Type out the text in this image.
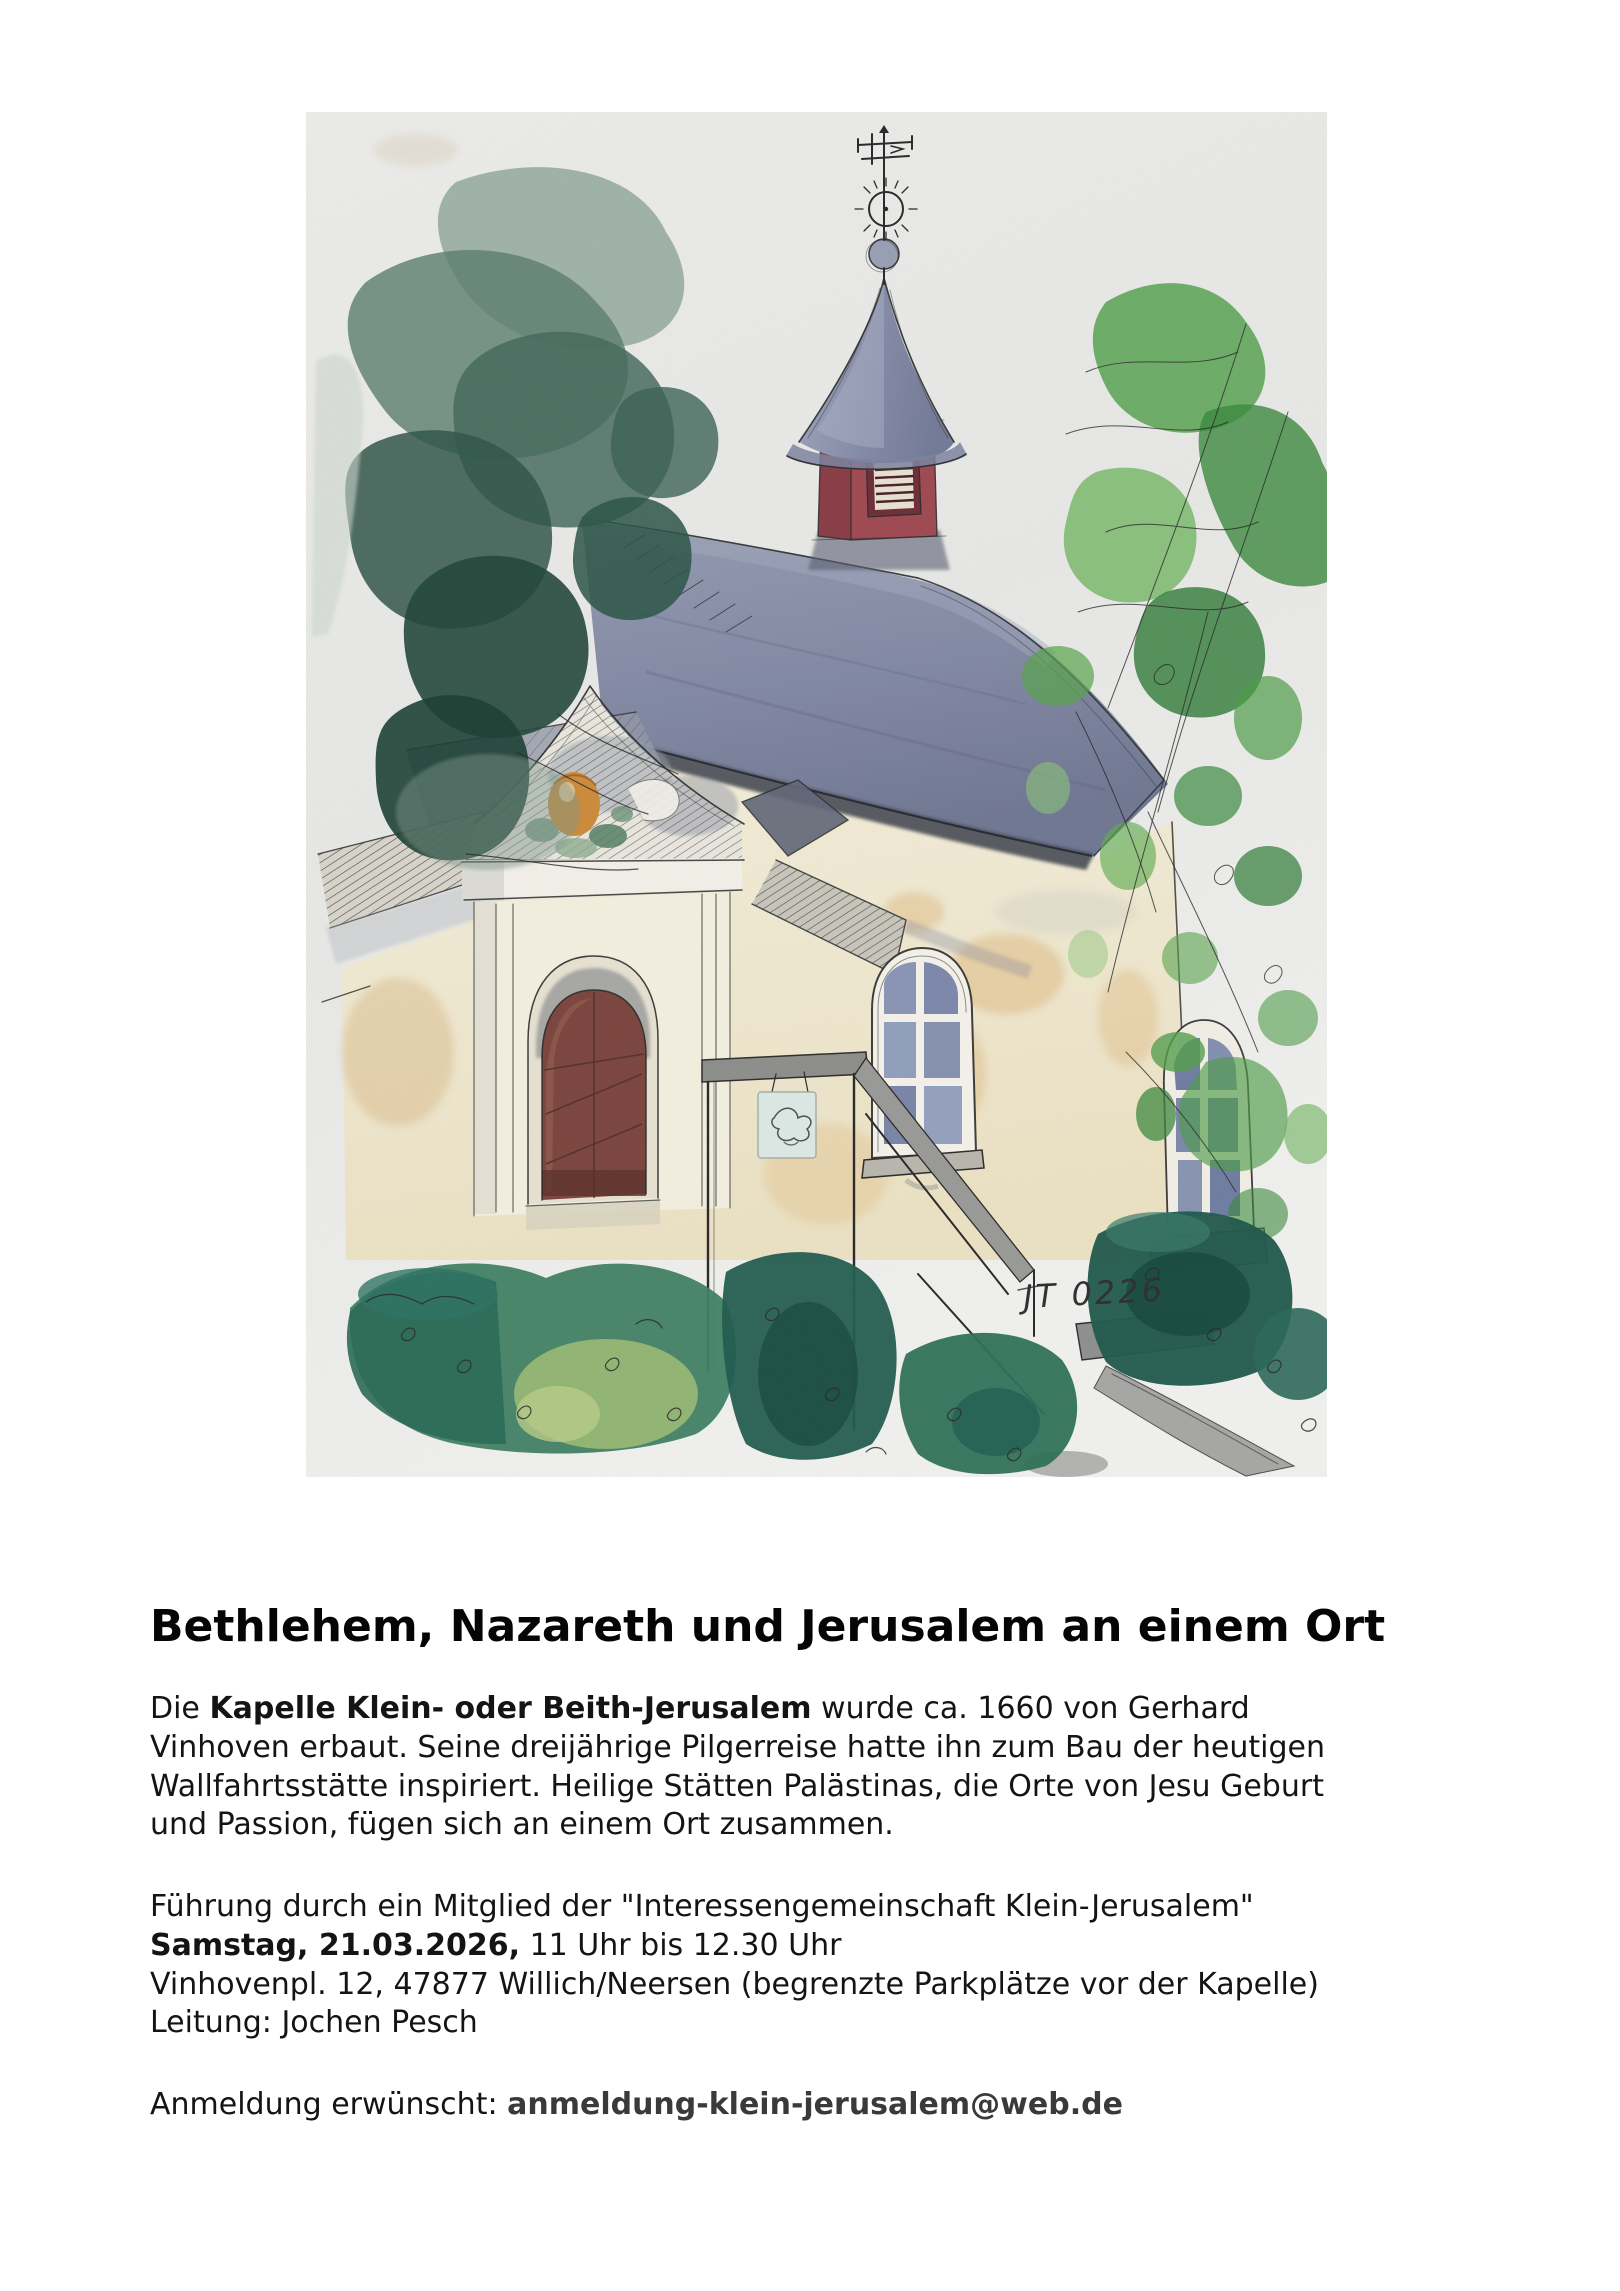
Bethlehem, Nazareth und Jerusalem an einem Ort

Die Kapelle Klein- oder Beith-Jerusalem wurde ca. 1660 von Gerhard
Vinhoven erbaut. Seine dreijährige Pilgerreise hatte ihn zum Bau der heutigen
Wallfahrtsstätte inspiriert. Heilige Stätten Palästinas, die Orte von Jesu Geburt
und Passion, fügen sich an einem Ort zusammen.

Führung durch ein Mitglied der "Interessengemeinschaft Klein-Jerusalem"
Samstag, 21.03.2026, 11 Uhr bis 12.30 Uhr
Vinhovenpl. 12, 47877 Willich/Neersen (begrenzte Parkplätze vor der Kapelle)
Leitung: Jochen Pesch

Anmeldung erwünscht: anmeldung-klein-jerusalem@web.de
